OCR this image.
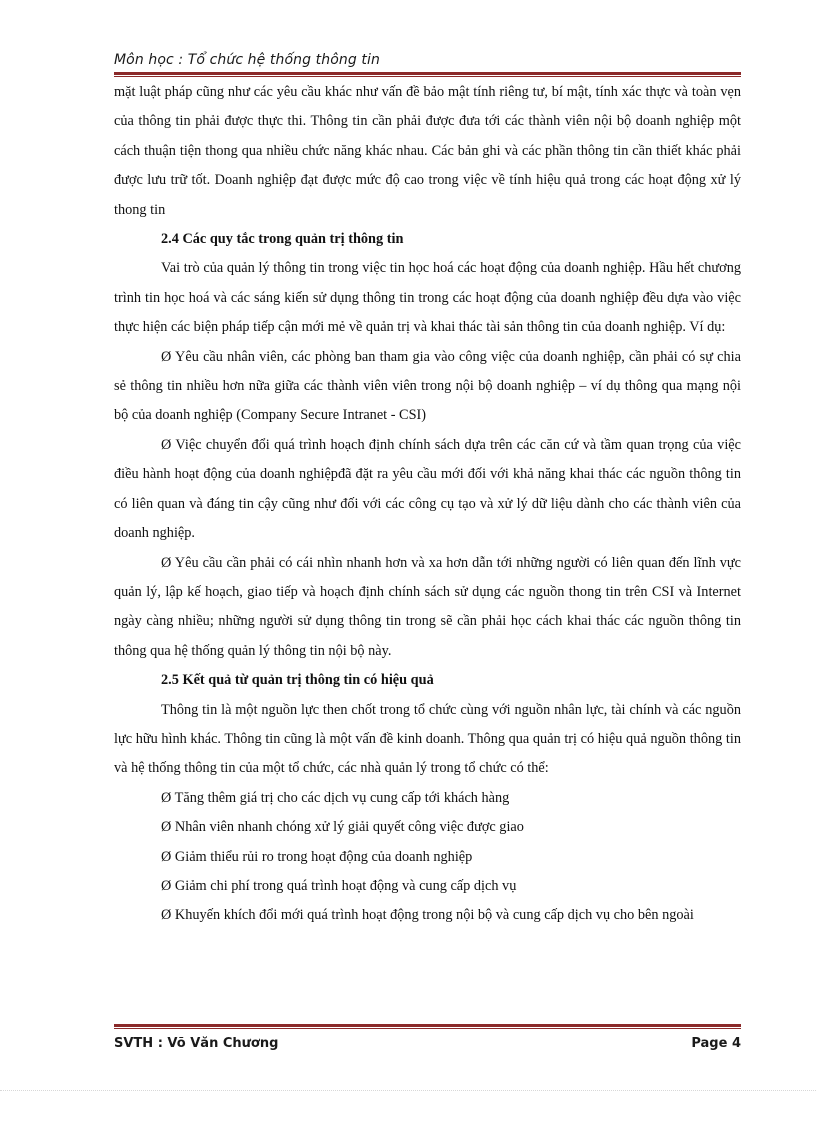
Môn học : Tổ chức hệ thống thông tin

mặt luật pháp cũng như các yêu cầu khác như vấn đề bảo mật tính riêng tư, bí mật, tính xác thực và toàn vẹn của thông tin phải được thực thi. Thông tin cần phải được đưa tới các thành viên nội bộ doanh nghiệp một cách thuận tiện thong qua nhiều chức năng khác nhau. Các bản ghi và các phần thông tin cần thiết khác phải được lưu trữ tốt. Doanh nghiệp đạt được mức độ cao trong việc về tính hiệu quả trong các hoạt động xử lý thong tin

2.4 Các quy tắc trong quản trị thông tin

Vai trò của quản lý thông tin trong việc tin học hoá các hoạt động của doanh nghiệp. Hầu hết chương trình tin học hoá và các sáng kiến sử dụng thông tin trong các hoạt động của doanh nghiệp đều dựa vào việc thực hiện các biện pháp tiếp cận mới mẻ về quản trị và khai thác tài sản thông tin của doanh nghiệp. Ví dụ:

Ø Yêu cầu nhân viên, các phòng ban tham gia vào công việc của doanh nghiệp, cần phải có sự chia sẻ thông tin nhiều hơn nữa giữa các thành viên viên trong nội bộ doanh nghiệp – ví dụ thông qua mạng nội bộ của doanh nghiệp (Company Secure Intranet - CSI)

Ø Việc chuyển đổi quá trình hoạch định chính sách dựa trên các căn cứ và tầm quan trọng của việc điều hành hoạt động của doanh nghiệpđã đặt ra yêu cầu mới đối với khả năng khai thác các nguồn thông tin có liên quan và đáng tin cậy cũng như đối với các công cụ tạo và xử lý dữ liệu dành cho các thành viên của doanh nghiệp.

Ø Yêu cầu cần phải có cái nhìn nhanh hơn và xa hơn dẫn tới những người có liên quan đến lĩnh vực quản lý, lập kế hoạch, giao tiếp và hoạch định chính sách sử dụng các nguồn thong tin trên CSI và Internet ngày càng nhiều; những người sử dụng thông tin trong sẽ cần phải học cách khai thác các nguồn thông tin thông qua hệ thống quản lý thông tin nội bộ này.

2.5 Kết quả từ quản trị thông tin có hiệu quả

Thông tin là một nguồn lực then chốt trong tổ chức cùng với nguồn nhân lực, tài chính và các nguồn lực hữu hình khác. Thông tin cũng là một vấn đề kinh doanh. Thông qua quản trị có hiệu quả nguồn thông tin và hệ thống thông tin của một tổ chức, các nhà quản lý trong tổ chức có thể:

Ø Tăng thêm giá trị cho các dịch vụ cung cấp tới khách hàng

Ø Nhân viên nhanh chóng xử lý giải quyết công việc được giao

Ø Giảm thiểu rủi ro trong hoạt động của doanh nghiệp

Ø Giảm chi phí trong quá trình hoạt động và cung cấp dịch vụ

Ø Khuyến khích đổi mới quá trình hoạt động trong nội bộ và cung cấp dịch vụ cho bên ngoài

SVTH : Võ Văn Chương	Page 4
